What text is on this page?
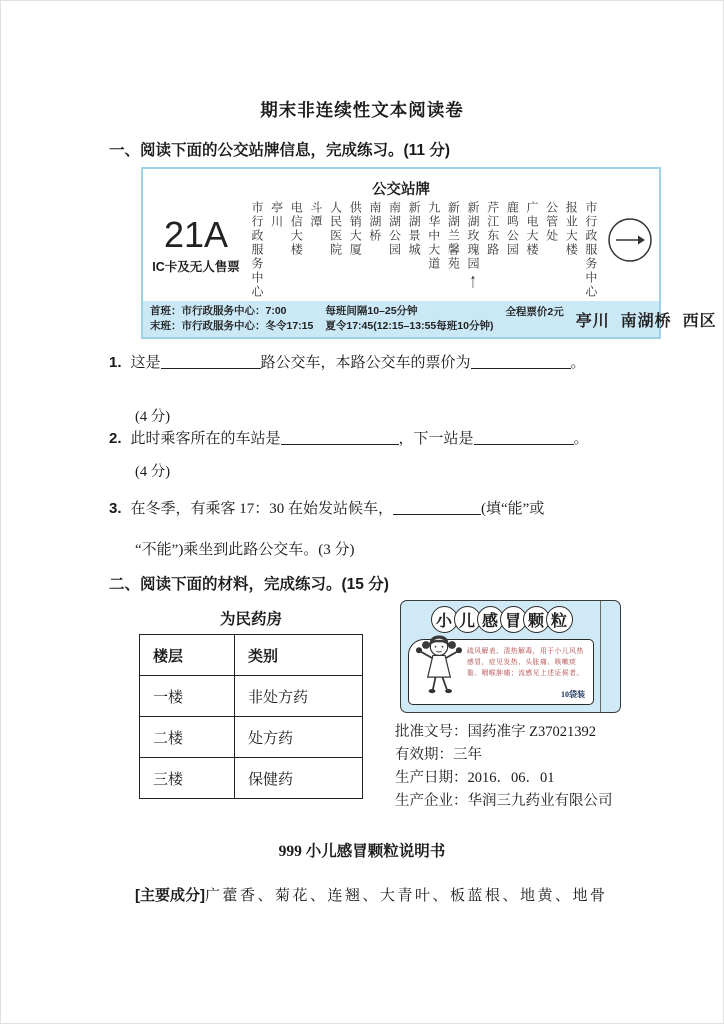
期末非连续性文本阅读卷
一、阅读下面的公交站牌信息，完成练习。(11 分)
公交站牌
21A
IC卡及无人售票 市行政服务中心 亭川 电信大楼 斗潭 人民医院 供销大厦 南湖桥 南湖公园 新湖景城 九华中大道 新湖兰馨苑 新湖玫瑰园
↑
芹江东路 鹿鸣公园 广电大楼 公管处 报业大楼 市行政服务中心
首班：市行政服务中心：7:00
末班：市行政服务中心：冬令17:15
每班间隔10–25分钟
夏令17:45(12:15–13:55每班10分钟)
全程票价2元
亭川  南湖桥  西区
1. 这是	路公交车，本路公交车的票价为	。
(4 分)
2. 此时乘客所在的车站是	，下一站是	。
(4 分)
3. 在冬季，有乘客 17：30 在始发站候车，	(填“能”或
“不能”)乘坐到此路公交车。(3 分)
二、阅读下面的材料，完成练习。(15 分)
为民药房
楼层	类别
一楼	非处方药
二楼	处方药
三楼	保健药
小 儿 感 冒 颗 粒
疏风解表、清热解毒，用于小儿风热感冒，症见发热、头胀痛、咳嗽痰黏、咽喉肿痛；流感见上述证候者。
10袋装
批准文号：国药准字 Z37021392
有效期：三年
生产日期：2016．06．01
生产企业：华润三九药业有限公司
999 小儿感冒颗粒说明书
[主要成分]广藿香、菊花、连翘、大青叶、板蓝根、地黄、地骨
